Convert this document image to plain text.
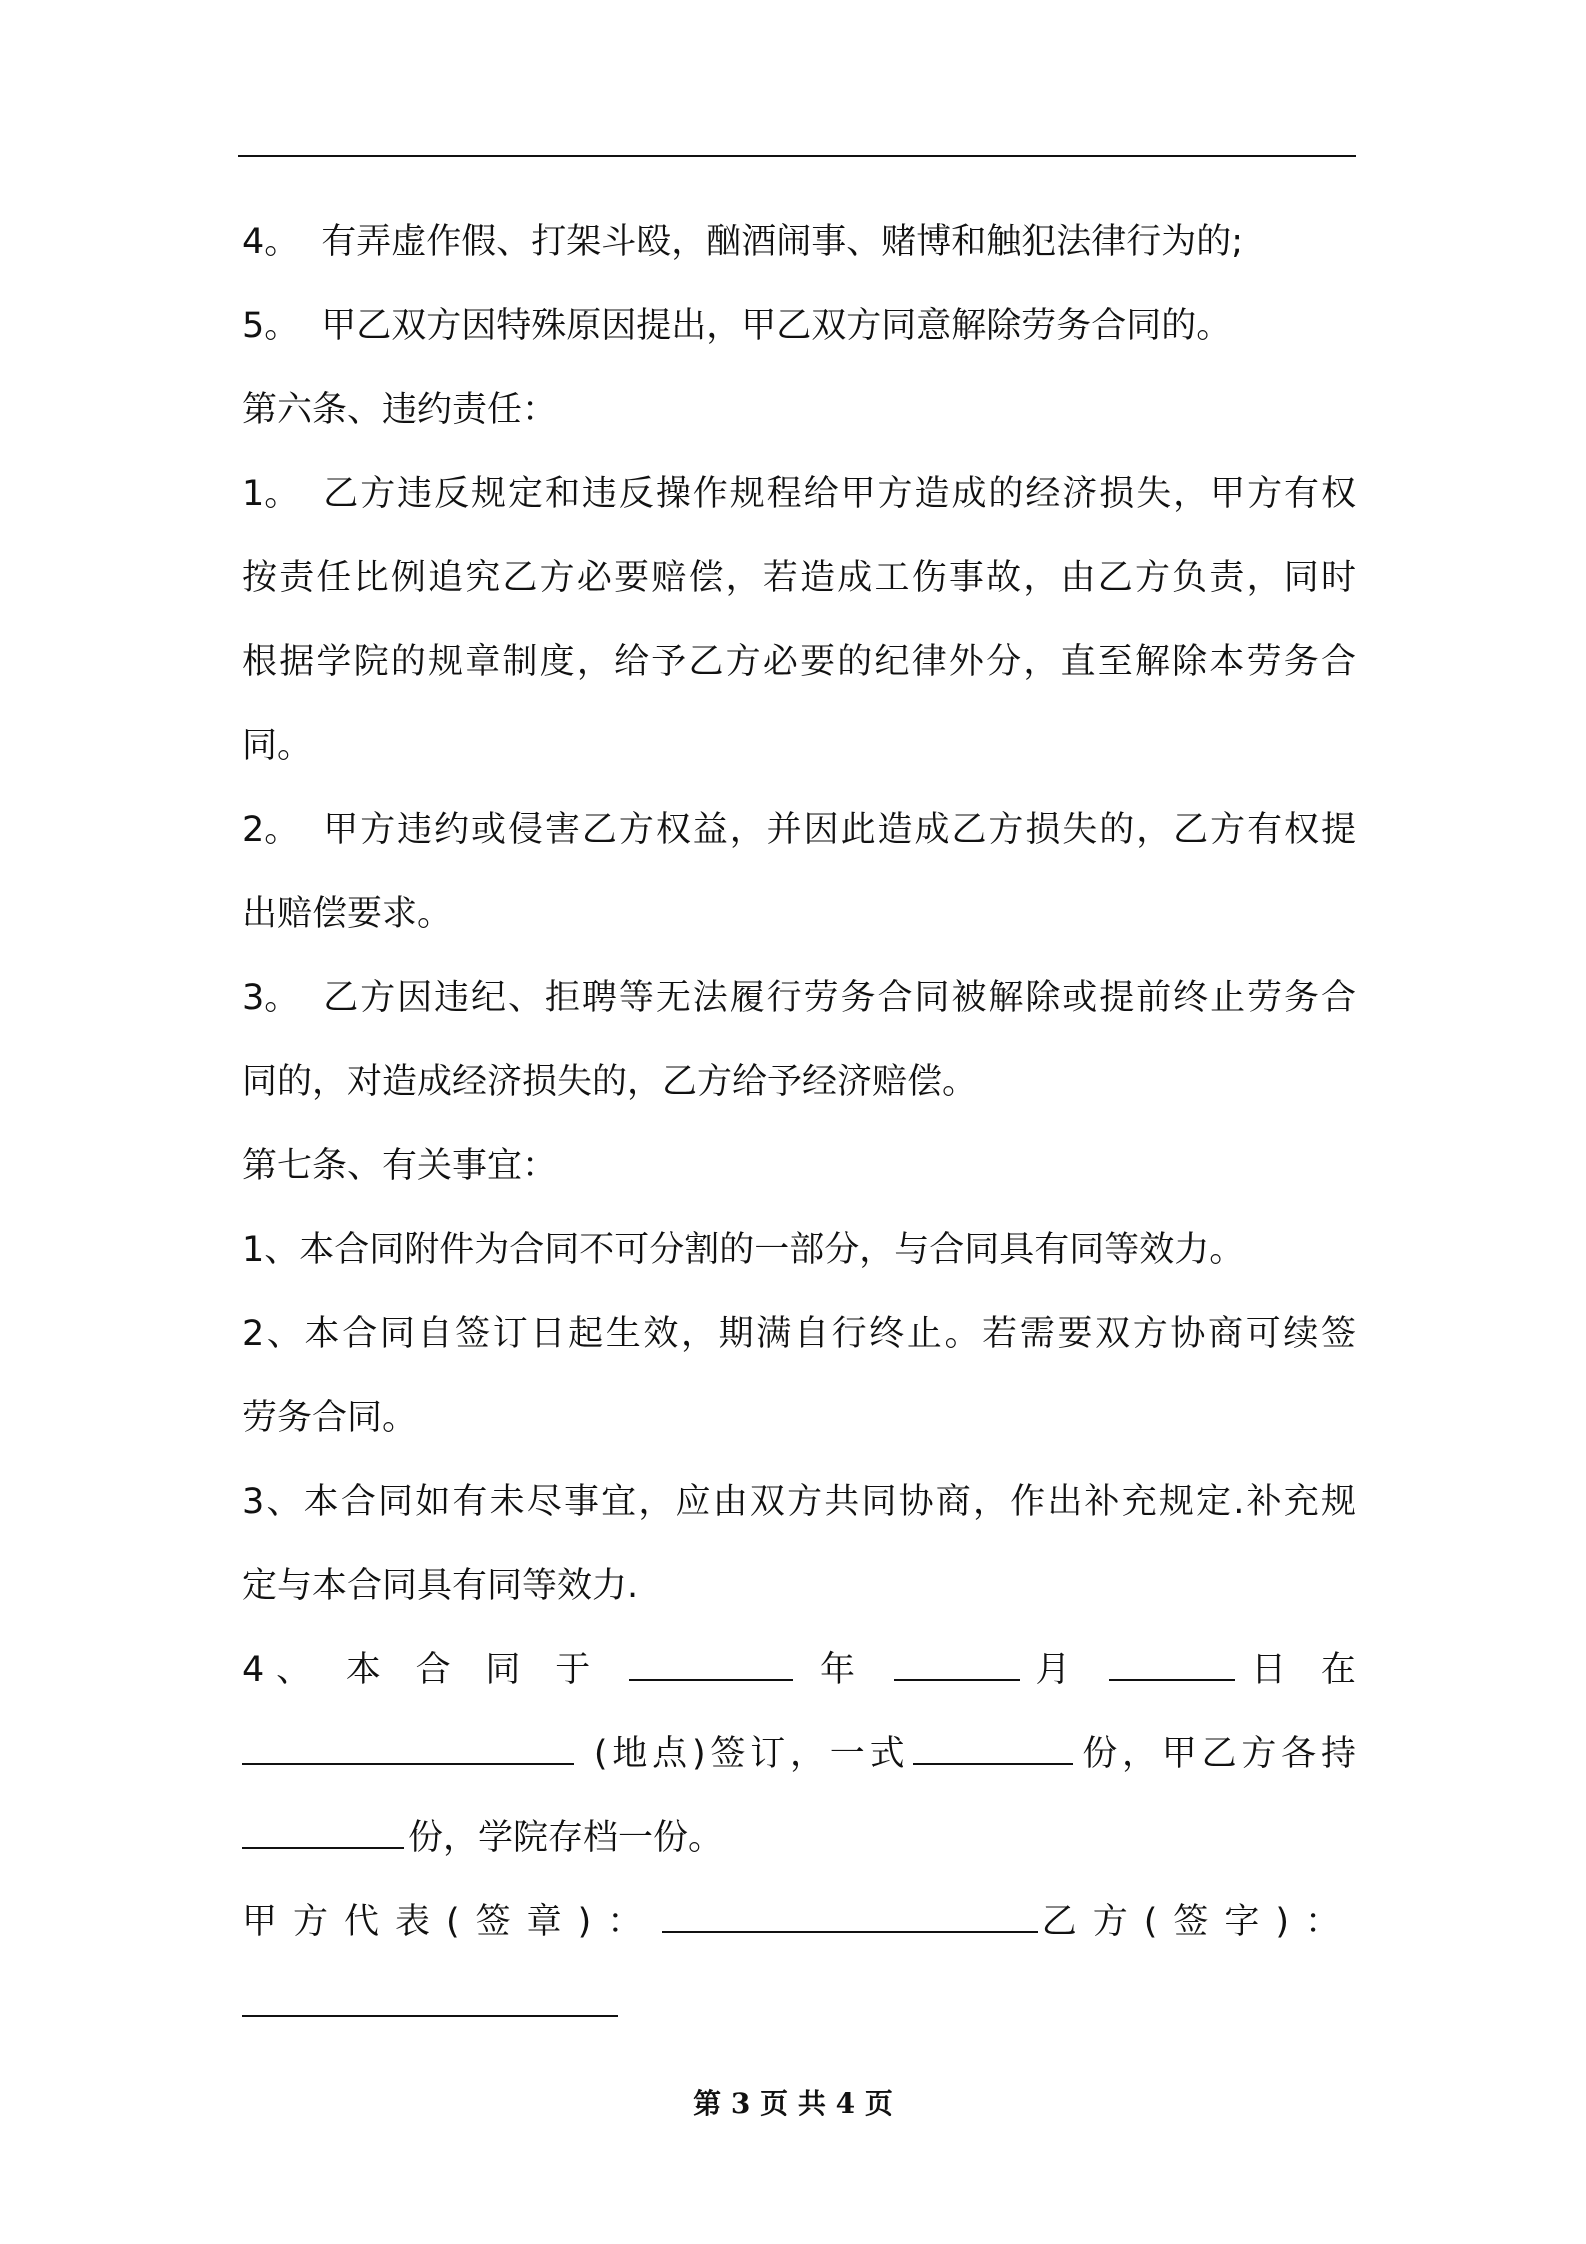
4。 有弄虚作假、打架斗殴，酗酒闹事、赌博和触犯法律行为的;
5。 甲乙双方因特殊原因提出，甲乙双方同意解除劳务合同的。
第六条、违约责任：
1。 乙方违反规定和违反操作规程给甲方造成的经济损失，甲方有权
按责任比例追究乙方必要赔偿，若造成工伤事故，由乙方负责，同时
根据学院的规章制度，给予乙方必要的纪律外分，直至解除本劳务合
同。
2。 甲方违约或侵害乙方权益，并因此造成乙方损失的，乙方有权提
出赔偿要求。
3。 乙方因违纪、拒聘等无法履行劳务合同被解除或提前终止劳务合
同的，对造成经济损失的，乙方给予经济赔偿。
第七条、有关事宜：
1、本合同附件为合同不可分割的一部分，与合同具有同等效力。
2、本合同自签订日起生效，期满自行终止。若需要双方协商可续签
劳务合同。
3、本合同如有未尽事宜，应由双方共同协商，作出补充规定.补充规
定与本合同具有同等效力.
4、 本 合 同 于	年	月	日 在
(地点)签订，一式	份，甲乙方各持
份，学院存档一份。
甲方代表(签章)：	乙方(签字)：
第 3 页 共 4 页
